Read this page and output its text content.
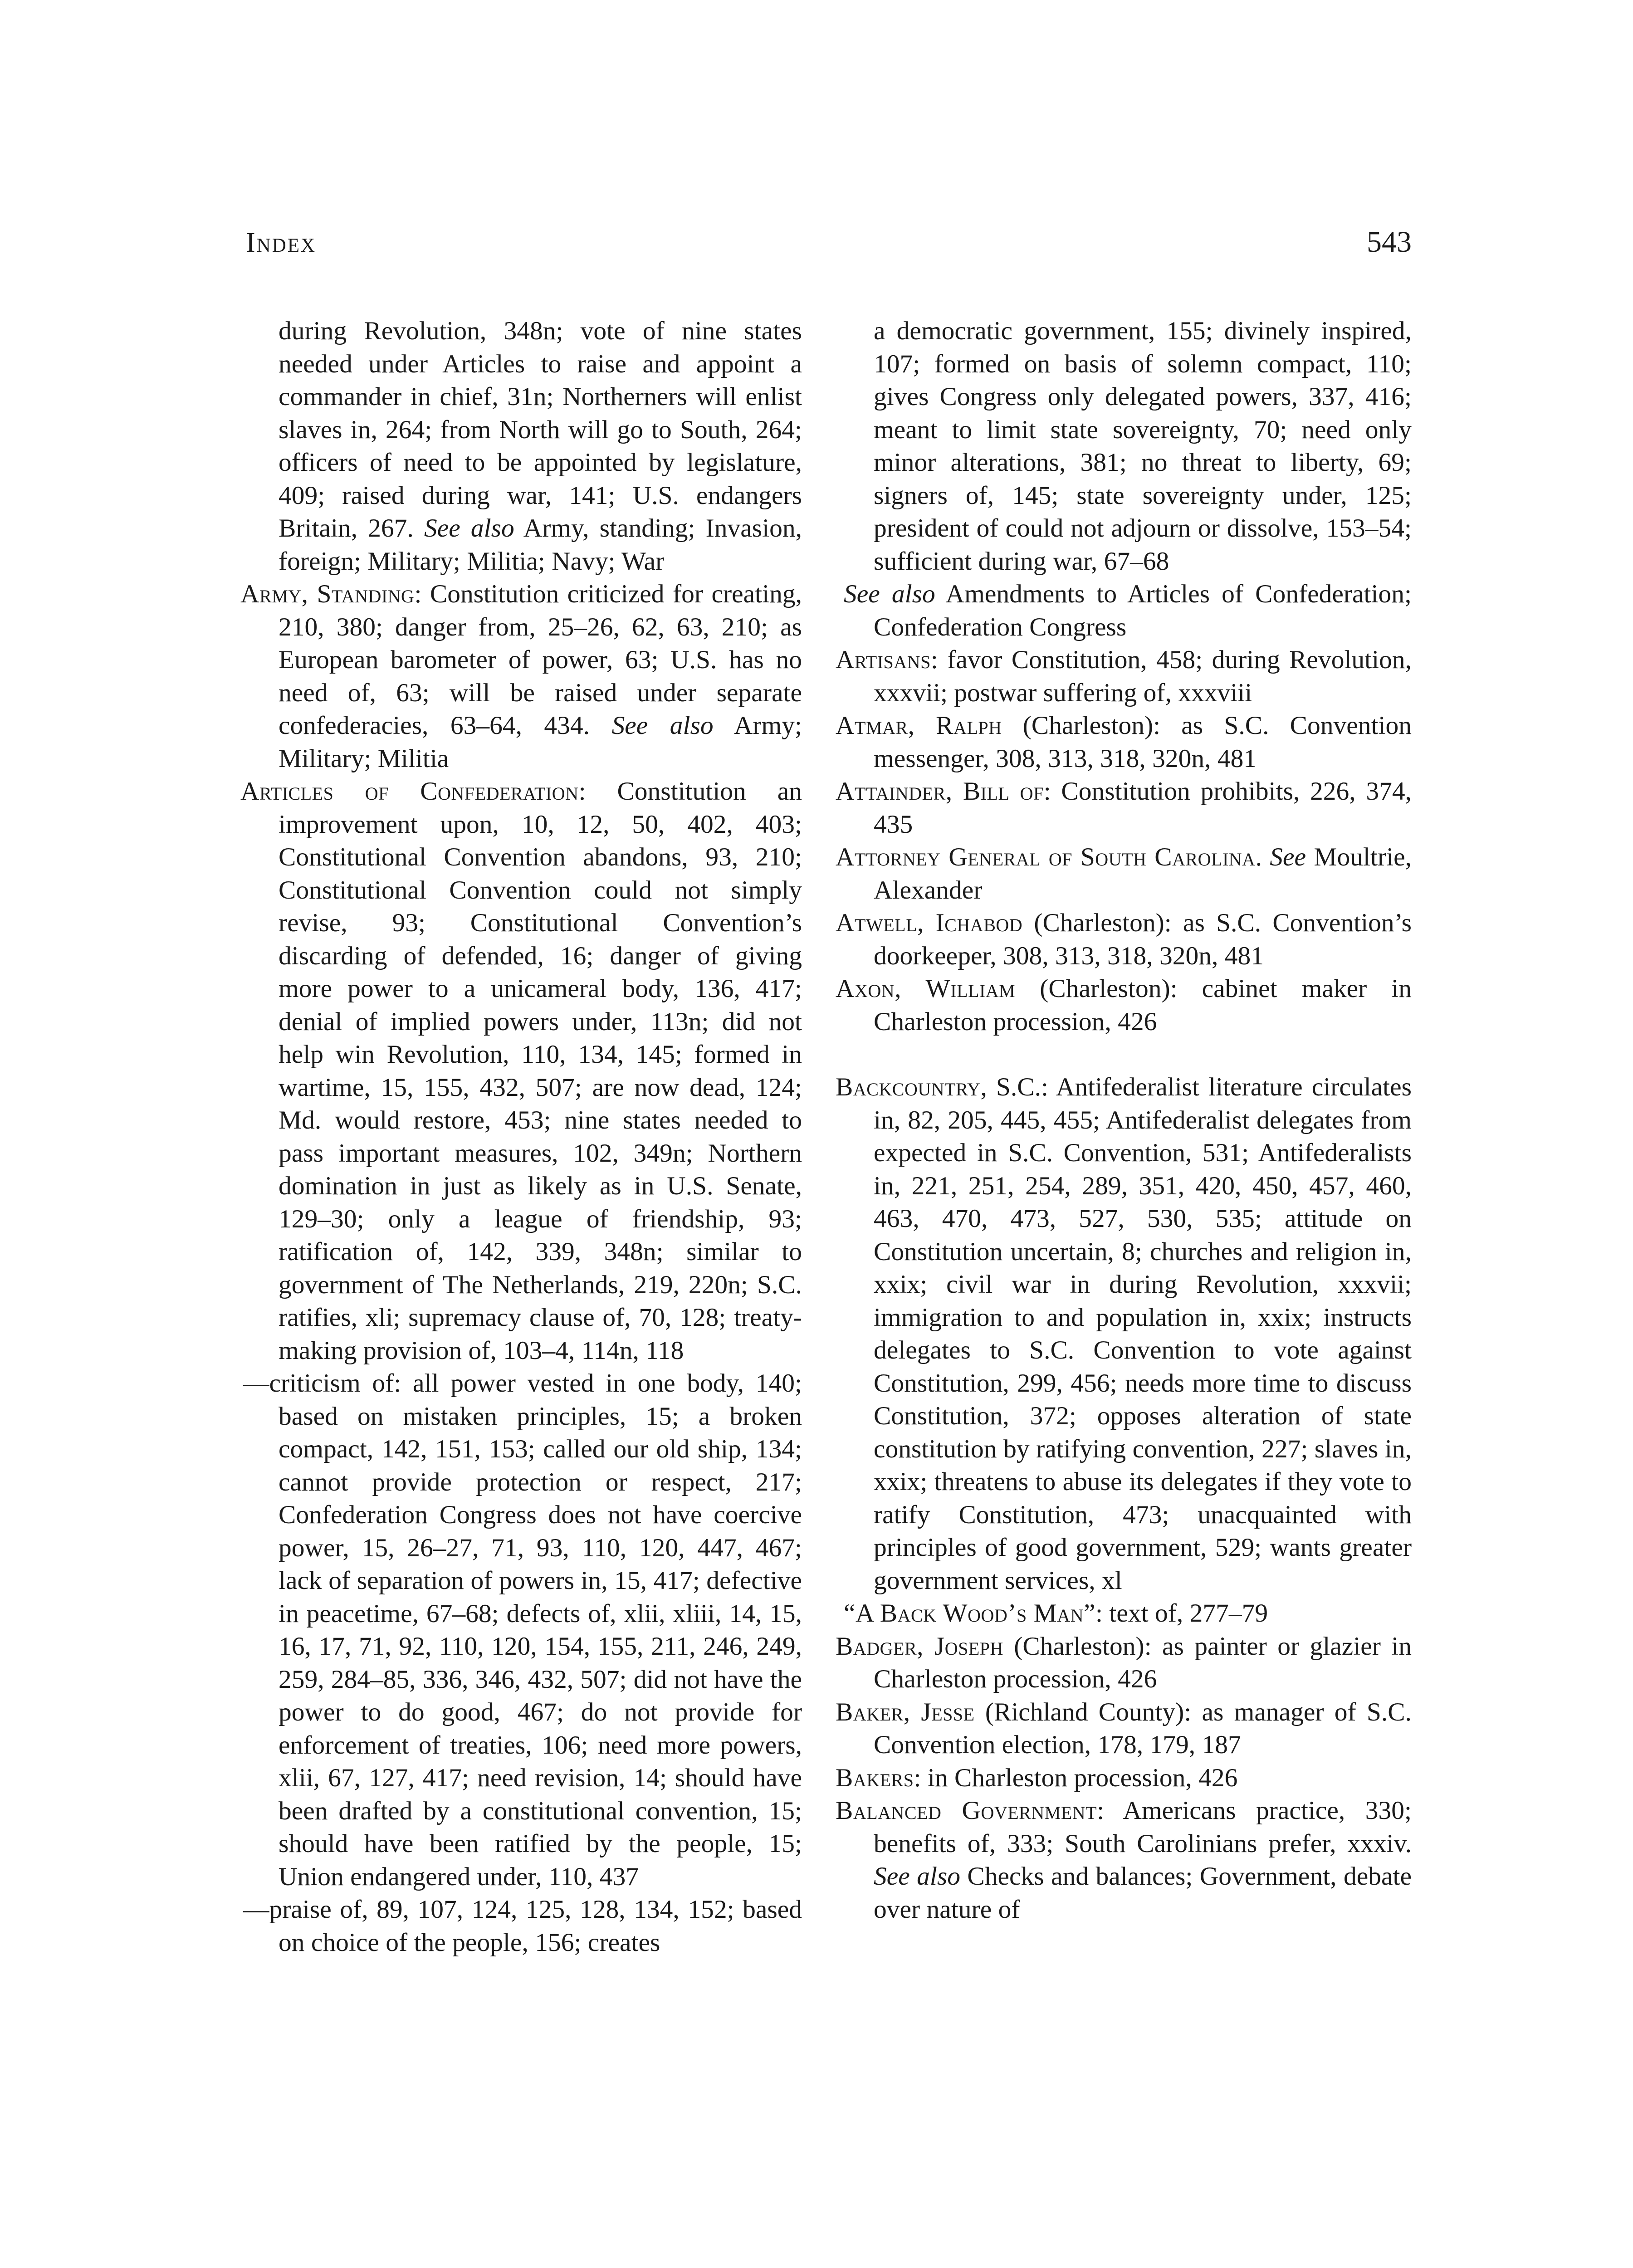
Index	543

during Revolution, 348n; vote of nine states needed under Articles to raise and appoint a commander in chief, 31n; Northerners will enlist slaves in, 264; from North will go to South, 264; officers of need to be appointed by legislature, 409; raised during war, 141; U.S. endangers Britain, 267. See also Army, standing; Invasion, foreign; Military; Militia; Navy; War

Army, Standing: Constitution criticized for creating, 210, 380; danger from, 25–26, 62, 63, 210; as European barometer of power, 63; U.S. has no need of, 63; will be raised under separate confederacies, 63–64, 434. See also Army; Military; Militia

Articles of Confederation: Constitution an improvement upon, 10, 12, 50, 402, 403; Constitutional Convention abandons, 93, 210; Constitutional Convention could not simply revise, 93; Constitutional Convention’s discarding of defended, 16; danger of giving more power to a unicameral body, 136, 417; denial of implied powers under, 113n; did not help win Revolution, 110, 134, 145; formed in wartime, 15, 155, 432, 507; are now dead, 124; Md. would restore, 453; nine states needed to pass important measures, 102, 349n; Northern domination in just as likely as in U.S. Senate, 129–30; only a league of friendship, 93; ratification of, 142, 339, 348n; similar to government of The Netherlands, 219, 220n; S.C. ratifies, xli; supremacy clause of, 70, 128; treaty-making provision of, 103–4, 114n, 118

—criticism of: all power vested in one body, 140; based on mistaken principles, 15; a broken compact, 142, 151, 153; called our old ship, 134; cannot provide protection or respect, 217; Confederation Congress does not have coercive power, 15, 26–27, 71, 93, 110, 120, 447, 467; lack of separation of powers in, 15, 417; defective in peacetime, 67–68; defects of, xlii, xliii, 14, 15, 16, 17, 71, 92, 110, 120, 154, 155, 211, 246, 249, 259, 284–85, 336, 346, 432, 507; did not have the power to do good, 467; do not provide for enforcement of treaties, 106; need more powers, xlii, 67, 127, 417; need revision, 14; should have been drafted by a constitutional convention, 15; should have been ratified by the people, 15; Union endangered under, 110, 437

—praise of, 89, 107, 124, 125, 128, 134, 152; based on choice of the people, 156; creates

a democratic government, 155; divinely inspired, 107; formed on basis of solemn compact, 110; gives Congress only delegated powers, 337, 416; meant to limit state sovereignty, 70; need only minor alterations, 381; no threat to liberty, 69; signers of, 145; state sovereignty under, 125; president of could not adjourn or dissolve, 153–54; sufficient during war, 67–68

See also Amendments to Articles of Confederation; Confederation Congress

Artisans: favor Constitution, 458; during Revolution, xxxvii; postwar suffering of, xxxviii

Atmar, Ralph (Charleston): as S.C. Convention messenger, 308, 313, 318, 320n, 481

Attainder, Bill of: Constitution prohibits, 226, 374, 435

Attorney General of South Carolina. See Moultrie, Alexander

Atwell, Ichabod (Charleston): as S.C. Convention’s doorkeeper, 308, 313, 318, 320n, 481

Axon, William (Charleston): cabinet maker in Charleston procession, 426

Backcountry, S.C.: Antifederalist literature circulates in, 82, 205, 445, 455; Antifederalist delegates from expected in S.C. Convention, 531; Antifederalists in, 221, 251, 254, 289, 351, 420, 450, 457, 460, 463, 470, 473, 527, 530, 535; attitude on Constitution uncertain, 8; churches and religion in, xxix; civil war in during Revolution, xxxvii; immigration to and population in, xxix; instructs delegates to S.C. Convention to vote against Constitution, 299, 456; needs more time to discuss Constitution, 372; opposes alteration of state constitution by ratifying convention, 227; slaves in, xxix; threatens to abuse its delegates if they vote to ratify Constitution, 473; unacquainted with principles of good government, 529; wants greater government services, xl

“A Back Wood’s Man”: text of, 277–79

Badger, Joseph (Charleston): as painter or glazier in Charleston procession, 426

Baker, Jesse (Richland County): as manager of S.C. Convention election, 178, 179, 187

Bakers: in Charleston procession, 426

Balanced Government: Americans practice, 330; benefits of, 333; South Carolinians prefer, xxxiv. See also Checks and balances; Government, debate over nature of
